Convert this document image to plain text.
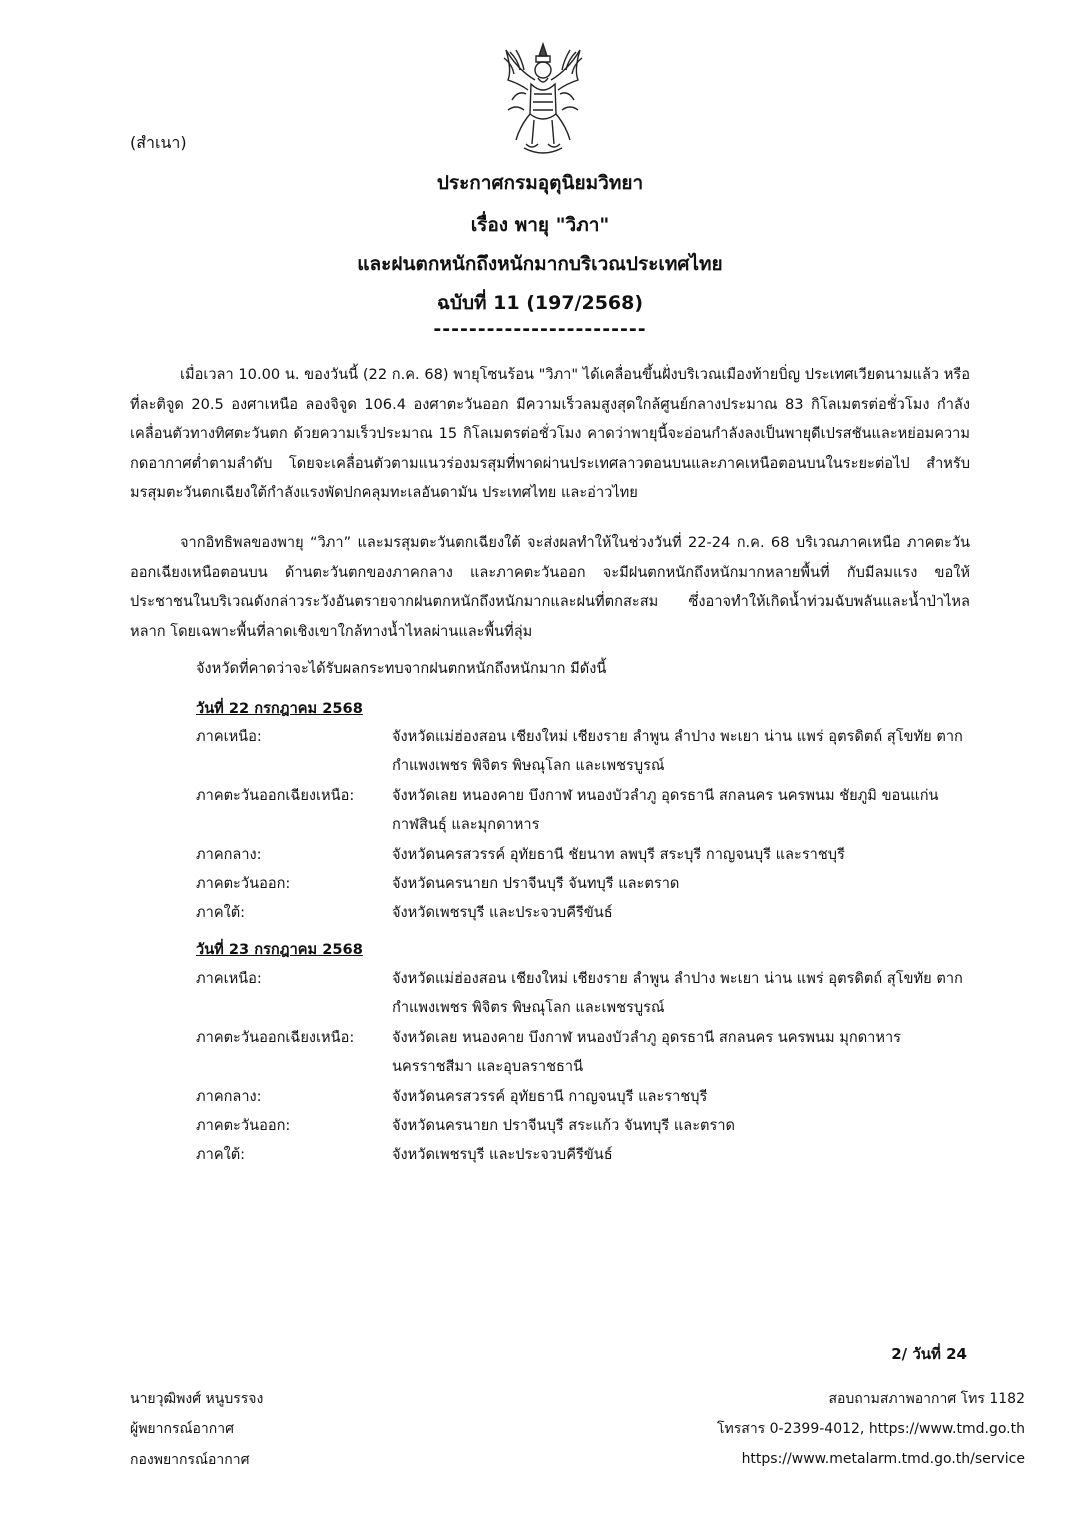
(สำเนา)
ประกาศกรมอุตุนิยมวิทยา
เรื่อง พายุ "วิภา"
และฝนตกหนักถึงหนักมากบริเวณประเทศไทย
ฉบับที่ 11 (197/2568)
------------------------
เมื่อเวลา 10.00 น. ของวันนี้ (22 ก.ค. 68) พายุโซนร้อน "วิภา" ได้เคลื่อนขึ้นฝั่งบริเวณเมืองท้ายบิ่ญ ประเทศเวียดนามแล้ว หรือที่ละติจูด 20.5 องศาเหนือ ลองจิจูด 106.4 องศาตะวันออก มีความเร็วลมสูงสุดใกล้ศูนย์กลางประมาณ 83 กิโลเมตรต่อชั่วโมง กำลังเคลื่อนตัวทางทิศตะวันตก ด้วยความเร็วประมาณ 15 กิโลเมตรต่อชั่วโมง คาดว่าพายุนี้จะอ่อนกำลังลงเป็นพายุดีเปรสชันและหย่อมความกดอากาศต่ำตามลำดับ โดยจะเคลื่อนตัวตามแนวร่องมรสุมที่พาดผ่านประเทศลาวตอนบนและภาคเหนือตอนบนในระยะต่อไป สำหรับมรสุมตะวันตกเฉียงใต้กำลังแรงพัดปกคลุมทะเลอันดามัน ประเทศไทย และอ่าวไทย
จากอิทธิพลของพายุ “วิภา” และมรสุมตะวันตกเฉียงใต้ จะส่งผลทำให้ในช่วงวันที่ 22-24 ก.ค. 68 บริเวณภาคเหนือ ภาคตะวันออกเฉียงเหนือตอนบน ด้านตะวันตกของภาคกลาง และภาคตะวันออก จะมีฝนตกหนักถึงหนักมากหลายพื้นที่ กับมีลมแรง ขอให้ประชาชนในบริเวณดังกล่าวระวังอันตรายจากฝนตกหนักถึงหนักมากและฝนที่ตกสะสม ซึ่งอาจทำให้เกิดน้ำท่วมฉับพลันและน้ำป่าไหลหลาก โดยเฉพาะพื้นที่ลาดเชิงเขาใกล้ทางน้ำไหลผ่านและพื้นที่ลุ่ม
จังหวัดที่คาดว่าจะได้รับผลกระทบจากฝนตกหนักถึงหนักมาก มีดังนี้
วันที่ 22 กรกฎาคม 2568
ภาคเหนือ:	จังหวัดแม่ฮ่องสอน เชียงใหม่ เชียงราย ลำพูน ลำปาง พะเยา น่าน แพร่ อุตรดิตถ์ สุโขทัย ตาก กำแพงเพชร พิจิตร พิษณุโลก และเพชรบูรณ์
ภาคตะวันออกเฉียงเหนือ:	จังหวัดเลย หนองคาย บึงกาฬ หนองบัวลำภู อุดรธานี สกลนคร นครพนม ชัยภูมิ ขอนแก่น กาฬสินธุ์ และมุกดาหาร
ภาคกลาง:	จังหวัดนครสวรรค์ อุทัยธานี ชัยนาท ลพบุรี สระบุรี กาญจนบุรี และราชบุรี
ภาคตะวันออก:	จังหวัดนครนายก ปราจีนบุรี จันทบุรี และตราด
ภาคใต้:	จังหวัดเพชรบุรี และประจวบคีรีขันธ์
วันที่ 23 กรกฎาคม 2568
ภาคเหนือ:	จังหวัดแม่ฮ่องสอน เชียงใหม่ เชียงราย ลำพูน ลำปาง พะเยา น่าน แพร่ อุตรดิตถ์ สุโขทัย ตาก กำแพงเพชร พิจิตร พิษณุโลก และเพชรบูรณ์
ภาคตะวันออกเฉียงเหนือ:	จังหวัดเลย หนองคาย บึงกาฬ หนองบัวลำภู อุดรธานี สกลนคร นครพนม มุกดาหาร นครราชสีมา และอุบลราชธานี
ภาคกลาง:	จังหวัดนครสวรรค์ อุทัยธานี กาญจนบุรี และราชบุรี
ภาคตะวันออก:	จังหวัดนครนายก ปราจีนบุรี สระแก้ว จันทบุรี และตราด
ภาคใต้:	จังหวัดเพชรบุรี และประจวบคีรีขันธ์
2/ วันที่ 24
นายวุฒิพงศ์ หนูบรรจง
ผู้พยากรณ์อากาศ
กองพยากรณ์อากาศ
สอบถามสภาพอากาศ โทร 1182
โทรสาร 0-2399-4012, https://www.tmd.go.th
https://www.metalarm.tmd.go.th/service
